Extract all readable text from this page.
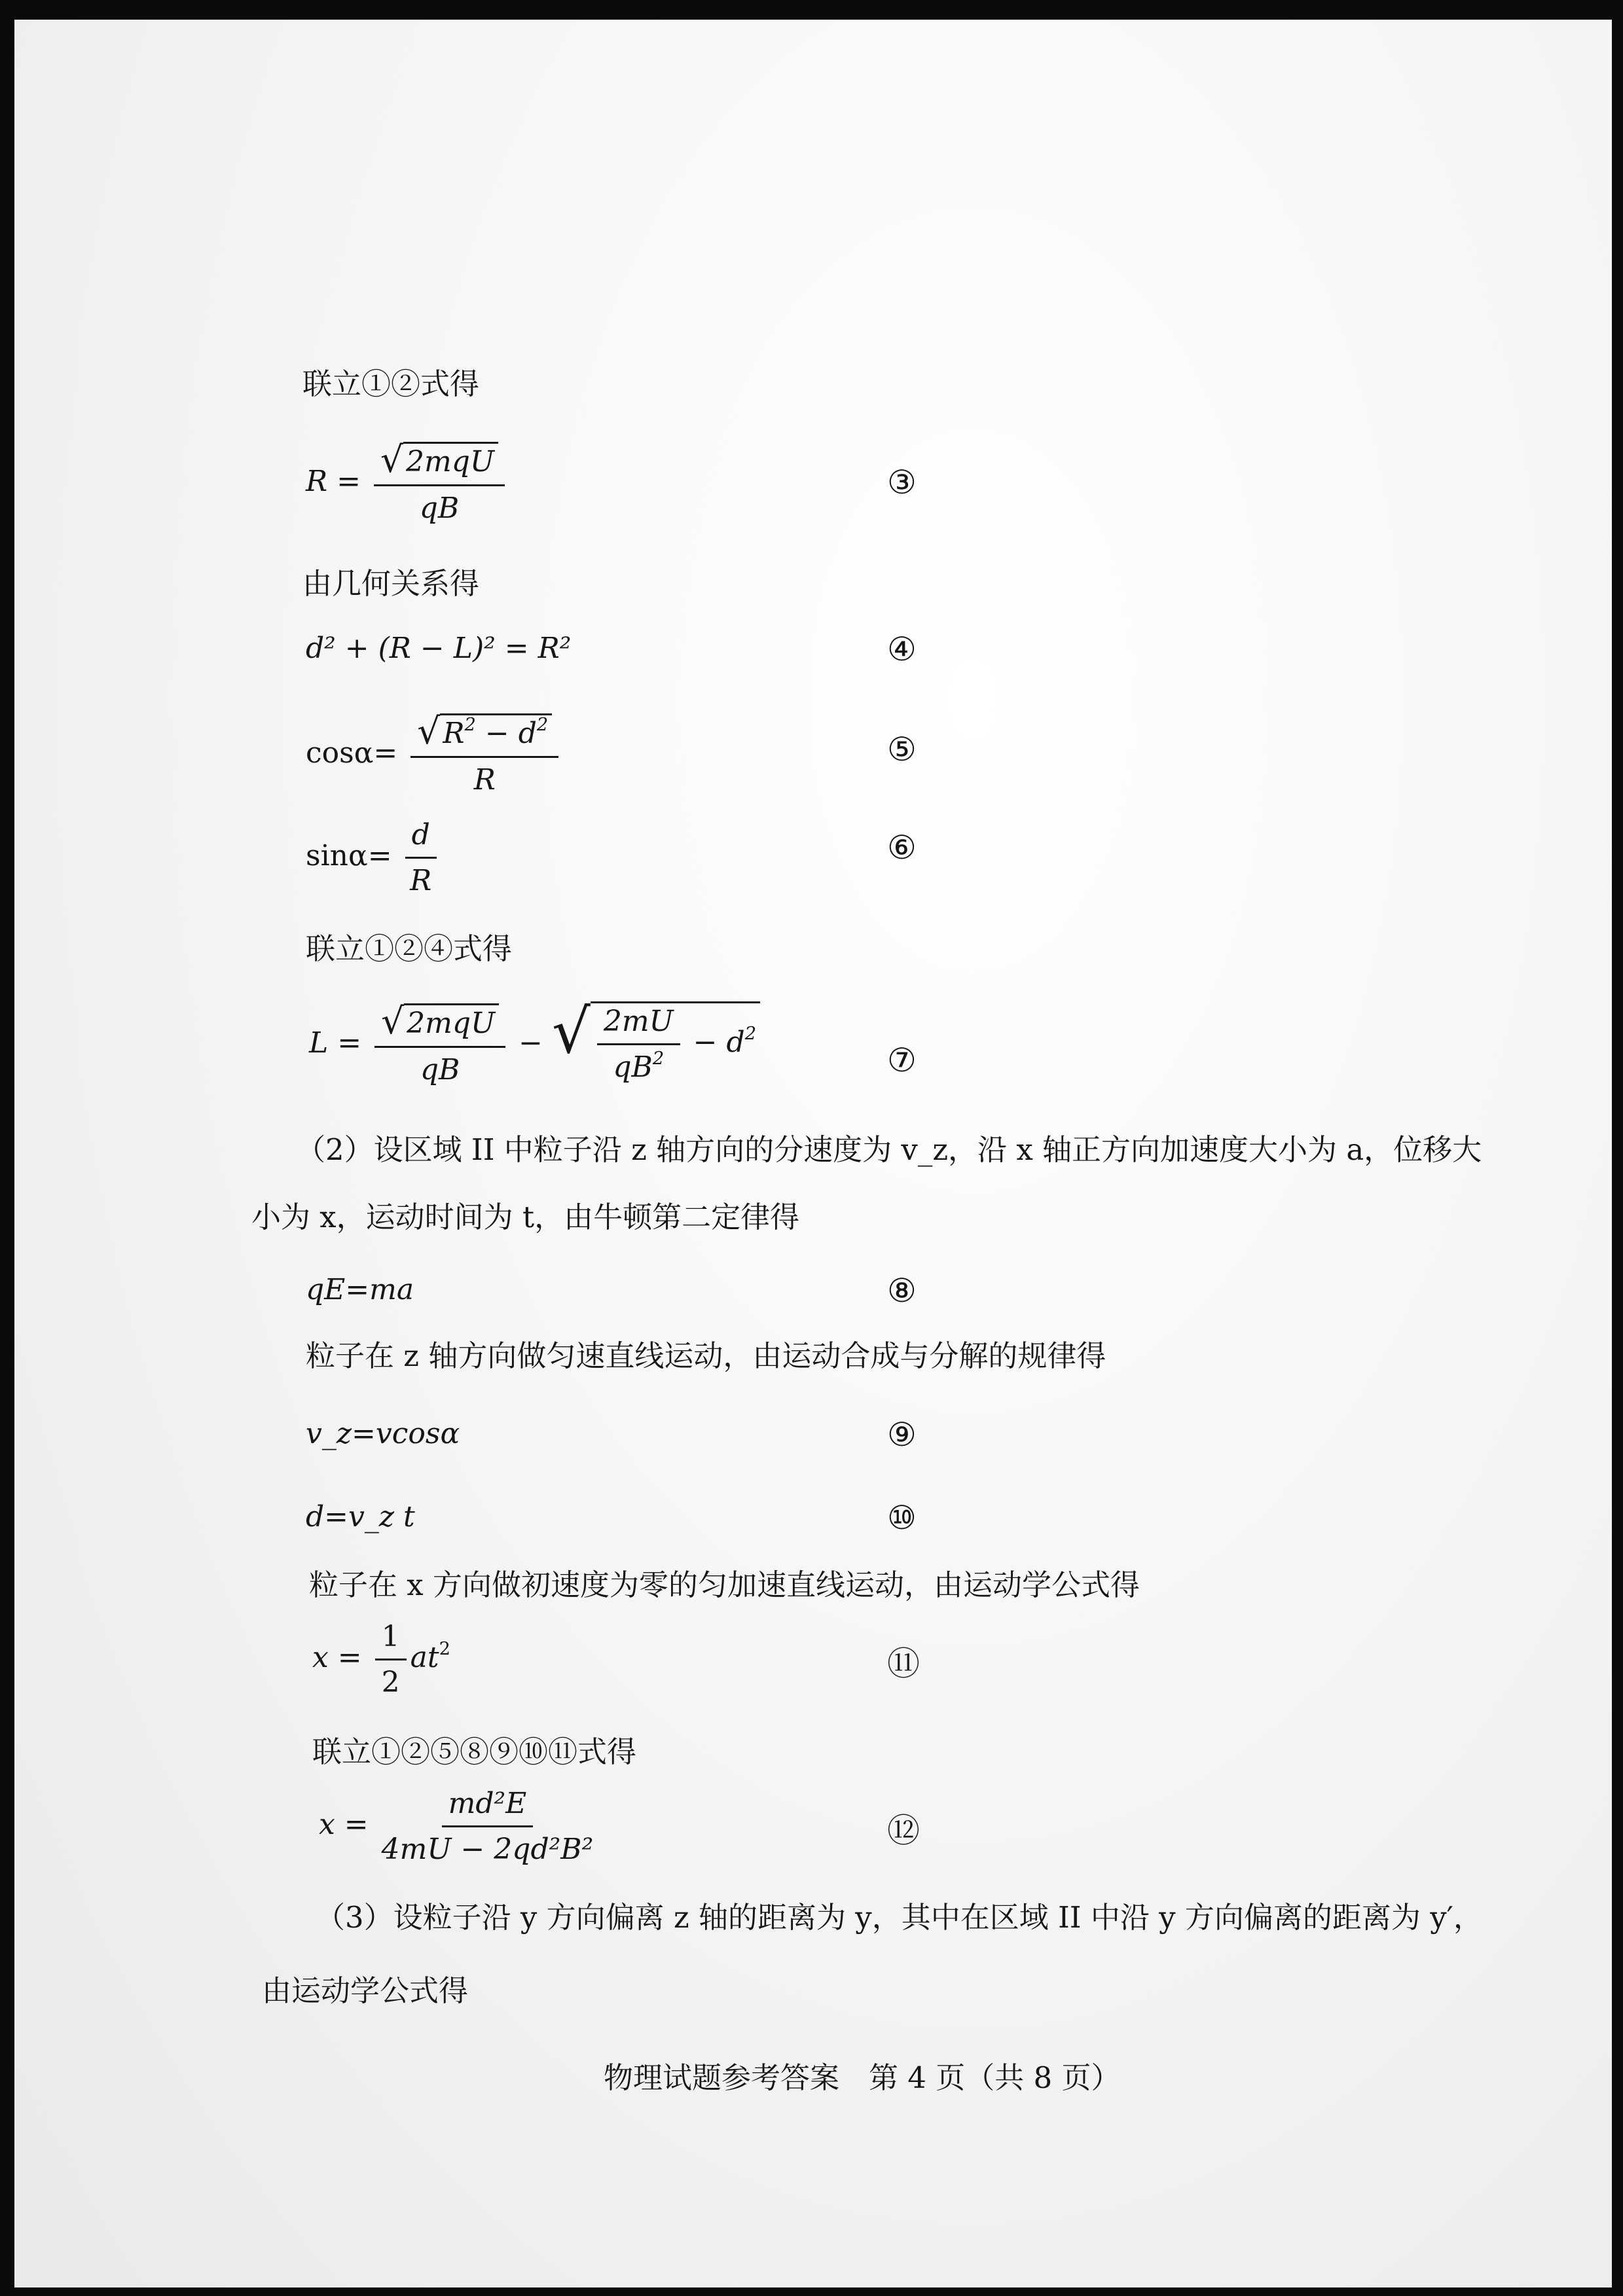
联立①②式得
$R = \frac{\text{√ 2mqU}}{qB}$	③
由几何关系得
d² + (R − L)² = R²	④
$\cos\alpha= \frac{√ R^2 - d^2}{R}$	⑤
$\sin\alpha= \frac{d}{R}$	⑥
联立①②④式得
$L = \frac{\text{√ 2mqU}}{qB}$ − √ $\frac{2mU}{qB^2} - d^2$
⑦
（2）设区域 II 中粒子沿 z 轴方向的分速度为 v_z，沿 x 轴正方向加速度大小为 a，位移大
小为 x，运动时间为 t，由牛顿第二定律得
qE=ma	⑧
粒子在 z 轴方向做匀速直线运动，由运动合成与分解的规律得
v_z=vcosα	⑨
d=v_z t	⑩
粒子在 x 方向做初速度为零的匀加速直线运动，由运动学公式得
$x = \frac{1}{2} at^2$	⑪
联立①②⑤⑧⑨⑩⑪式得
$x = \frac{\text{md²E}}{\text{4mU − 2qd²B²}}$	⑫
（3）设粒子沿 y 方向偏离 z 轴的距离为 y，其中在区域 II 中沿 y 方向偏离的距离为 y′，
由运动学公式得
物理试题参考答案　第 4 页（共 8 页）
